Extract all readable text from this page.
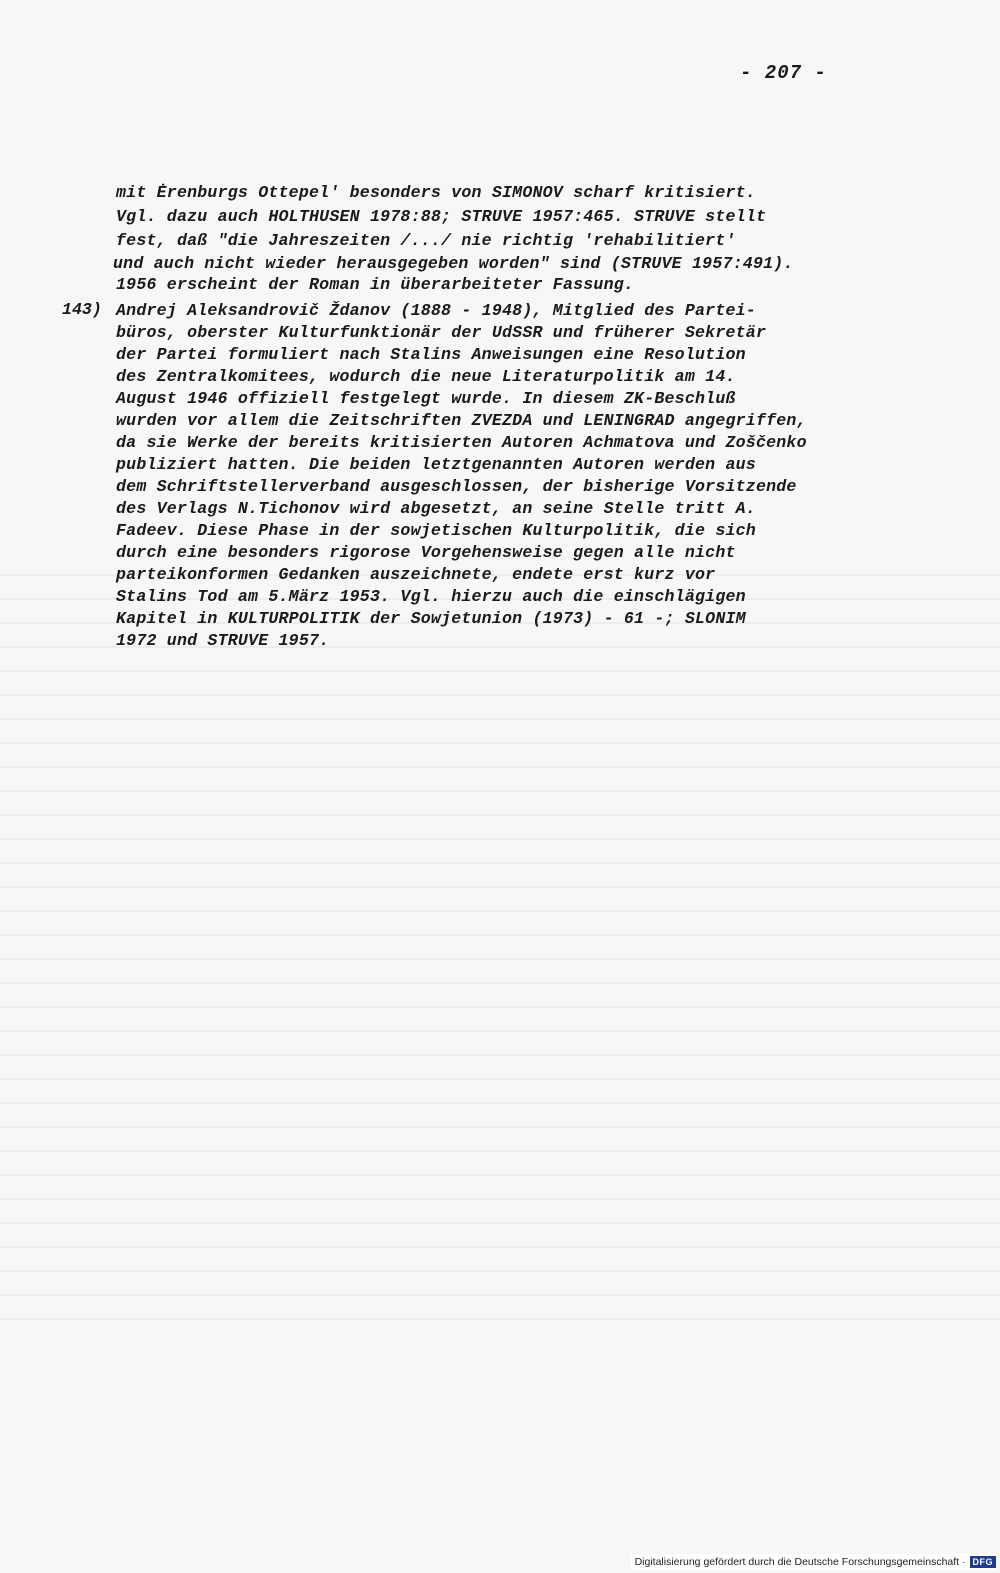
- 207 -
mit Ėrenburgs Ottepel' besonders von SIMONOV scharf kritisiert.
Vgl. dazu auch HOLTHUSEN 1978:88; STRUVE 1957:465. STRUVE stellt
fest, daß "die Jahreszeiten /.../ nie richtig 'rehabilitiert'
und auch nicht wieder herausgegeben worden" sind (STRUVE 1957:491).
1956 erscheint der Roman in überarbeiteter Fassung.
143) Andrej Aleksandrovič Ždanov (1888 - 1948), Mitglied des Partei-
büros, oberster Kulturfunktionär der UdSSR und früherer Sekretär
der Partei formuliert nach Stalins Anweisungen eine Resolution
des Zentralkomitees, wodurch die neue Literaturpolitik am 14.
August 1946 offiziell festgelegt wurde. In diesem ZK-Beschluß
wurden vor allem die Zeitschriften ZVEZDA und LENINGRAD angegriffen,
da sie Werke der bereits kritisierten Autoren Achmatova und Zoščenko
publiziert hatten. Die beiden letztgenannten Autoren werden aus
dem Schriftstellerverband ausgeschlossen, der bisherige Vorsitzende
des Verlags N.Tichonov wird abgesetzt, an seine Stelle tritt A.
Fadeev. Diese Phase in der sowjetischen Kulturpolitik, die sich
durch eine besonders rigorose Vorgehensweise gegen alle nicht
parteikonformen Gedanken auszeichnete, endete erst kurz vor
Stalins Tod am 5.März 1953. Vgl. hierzu auch die einschlägigen
Kapitel in KULTURPOLITIK der Sowjetunion (1973) - 61 -; SLONIM
1972 und STRUVE 1957.
Digitalisierung gefördert durch die Deutsche Forschungsgemeinschaft · DFG
